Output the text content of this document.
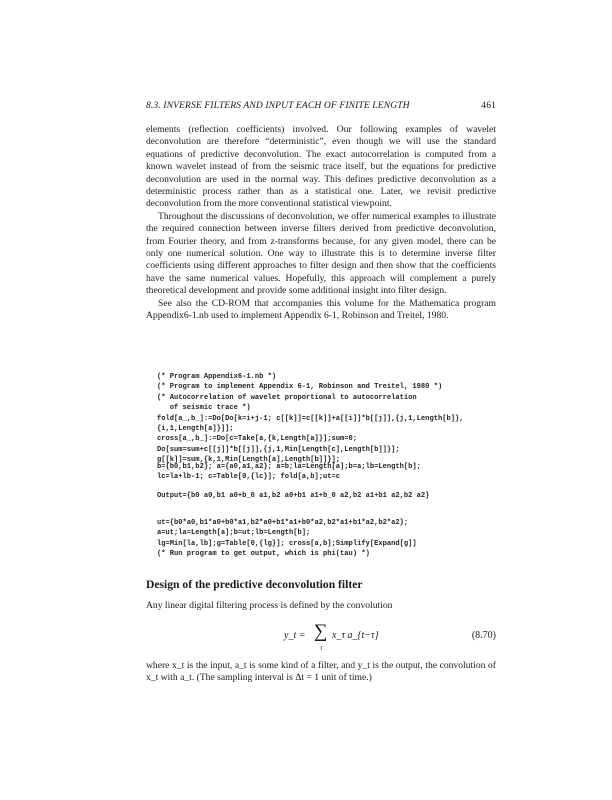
8.3. INVERSE FILTERS AND INPUT EACH OF FINITE LENGTH	461

elements (reflection coefficients) involved. Our following examples of wavelet deconvolution are therefore “deterministic”, even though we will use the standard equations of predictive deconvolution. The exact autocorrelation is computed from a known wavelet instead of from the seismic trace itself, but the equations for predictive deconvolution are used in the normal way. This defines predictive deconvolution as a deterministic process rather than as a statistical one. Later, we revisit predictive deconvolution from the more conventional statistical viewpoint.

Throughout the discussions of deconvolution, we offer numerical examples to illustrate the required connection between inverse filters derived from predictive deconvolution, from Fourier theory, and from z-transforms because, for any given model, there can be only one numerical solution. One way to illustrate this is to determine inverse filter coefficients using different approaches to filter design and then show that the coefficients have the same numerical values. Hopefully, this approach will complement a purely theoretical development and provide some additional insight into filter design.

See also the CD-ROM that accompanies this volume for the Mathematica program Appendix6-1.nb used to implement Appendix 6-1, Robinson and Treitel, 1980.

(* Program Appendix6-1.nb *)
(* Program to implement Appendix 6-1, Robinson and Treitel, 1980 *)
(* Autocorrelation of wavelet proportional to autocorrelation
of seismic trace *)
fold[a_,b_]:=Do[Do[k=i+j-1; c[[k]]=c[[k]]+a[[i]]*b[[j]],{j,1,Length[b]},
{i,1,Length[a]}]];
cross[a_,b_]:=Do[c=Take[a,{k,Length[a]}];sum=0;
Do[sum=sum+c[[j]]*b[[j]],{j,1,Min[Length[c],Length[b]]}];
g[[k]]=sum,{k,1,Min[Length[a],Length[b]]}];
b={b0,b1,b2}; a={a0,a1,a2}; a=b;la=Length[a];b=a;lb=Length[b];
lc=la+lb-1; c=Table[0,{lc}]; fold[a,b];ut=c
Output={b0 a0,b1 a0+b_0 a1,b2 a0+b1 a1+b_0 a2,b2 a1+b1 a2,b2 a2}
ut={b0*a0,b1*a0+b0*a1,b2*a0+b1*a1+b0*a2,b2*a1+b1*a2,b2*a2};
a=ut;la=Length[a];b=ut;lb=Length[b];
lg=Min[la,lb];g=Table[0,{lg}]; cross[a,b];Simplify[Expand[g]]
(* Run program to get output, which is phi(tau) *)
Design of the predictive deconvolution filter
Any linear digital filtering process is defined by the convolution
y_t = ∑
τ
x_τ a_{t−τ}	(8.70)
where x_t is the input, a_t is some kind of a filter, and y_t is the output, the convolution of x_t with a_t. (The sampling interval is Δt = 1 unit of time.)
